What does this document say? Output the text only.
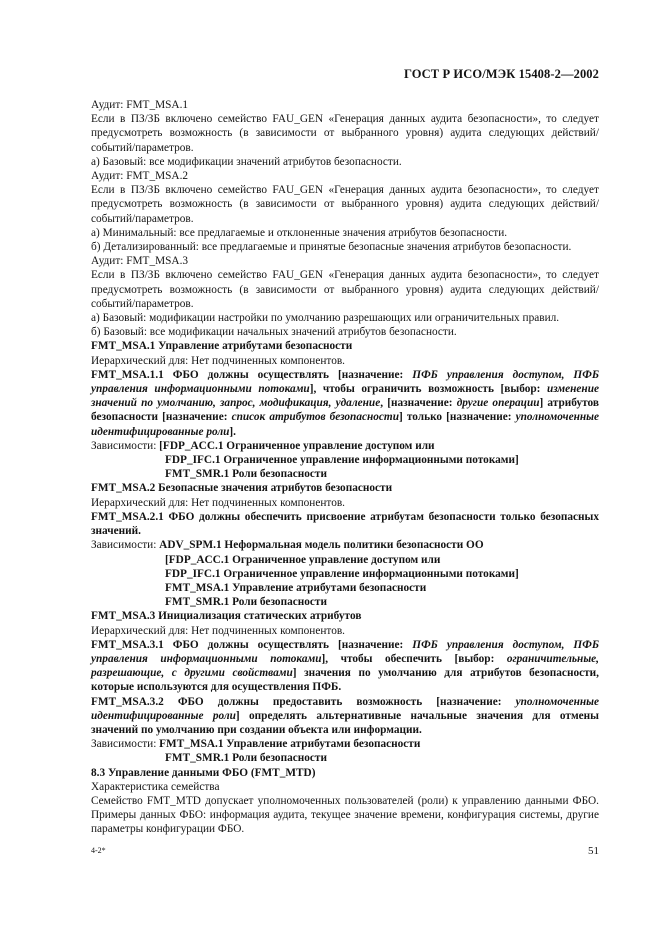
ГОСТ Р ИСО/МЭК 15408-2—2002

Аудит: FMT_MSA.1

Если в ПЗ/ЗБ включено семейство FAU_GEN «Генерация данных аудита безопасности», то следует предусмотреть возможность (в зависимости от выбранного уровня) аудита следующих действий/событий/параметров.

а) Базовый: все модификации значений атрибутов безопасности.

Аудит: FMT_MSA.2

Если в ПЗ/ЗБ включено семейство FAU_GEN «Генерация данных аудита безопасности», то следует предусмотреть возможность (в зависимости от выбранного уровня) аудита следующих действий/событий/параметров.

а) Минимальный: все предлагаемые и отклоненные значения атрибутов безопасности.

б) Детализированный: все предлагаемые и принятые безопасные значения атрибутов безопасности.

Аудит: FMT_MSA.3

Если в ПЗ/ЗБ включено семейство FAU_GEN «Генерация данных аудита безопасности», то следует предусмотреть возможность (в зависимости от выбранного уровня) аудита следующих действий/событий/параметров.

а) Базовый: модификации настройки по умолчанию разрешающих или ограничительных правил.

б) Базовый: все модификации начальных значений атрибутов безопасности.

FMT_MSA.1 Управление атрибутами безопасности

Иерархический для: Нет подчиненных компонентов.

FMT_MSA.1.1 ФБО должны осуществлять [назначение: ПФБ управления доступом, ПФБ управления информационными потоками], чтобы ограничить возможность [выбор: изменение значений по умолчанию, запрос, модификация, удаление, [назначение: другие операции] атрибутов безопасности [назначение: список атрибутов безопасности] только [назначение: уполномоченные идентифицированные роли].

Зависимости: [FDP_ACC.1 Ограниченное управление доступом или

FDP_IFC.1 Ограниченное управление информационными потоками]

FMT_SMR.1 Роли безопасности

FMT_MSA.2 Безопасные значения атрибутов безопасности

Иерархический для: Нет подчиненных компонентов.

FMT_MSA.2.1 ФБО должны обеспечить присвоение атрибутам безопасности только безопасных значений.

Зависимости: ADV_SPM.1 Неформальная модель политики безопасности ОО

[FDP_ACC.1 Ограниченное управление доступом или

FDP_IFC.1 Ограниченное управление информационными потоками]

FMT_MSA.1 Управление атрибутами безопасности

FMT_SMR.1 Роли безопасности

FMT_MSA.3 Инициализация статических атрибутов

Иерархический для: Нет подчиненных компонентов.

FMT_MSA.3.1 ФБО должны осуществлять [назначение: ПФБ управления доступом, ПФБ управления информационными потоками], чтобы обеспечить [выбор: ограничительные, разрешающие, с другими свойствами] значения по умолчанию для атрибутов безопасности, которые используются для осуществления ПФБ.

FMT_MSA.3.2 ФБО должны предоставить возможность [назначение: уполномоченные идентифицированные роли] определять альтернативные начальные значения для отмены значений по умолчанию при создании объекта или информации.

Зависимости: FMT_MSA.1 Управление атрибутами безопасности

FMT_SMR.1 Роли безопасности

8.3 Управление данными ФБО (FMT_MTD)

Характеристика семейства

Семейство FMT_MTD допускает уполномоченных пользователей (роли) к управлению данными ФБО. Примеры данных ФБО: информация аудита, текущее значение времени, конфигурация системы, другие параметры конфигурации ФБО.

4-2*	51
